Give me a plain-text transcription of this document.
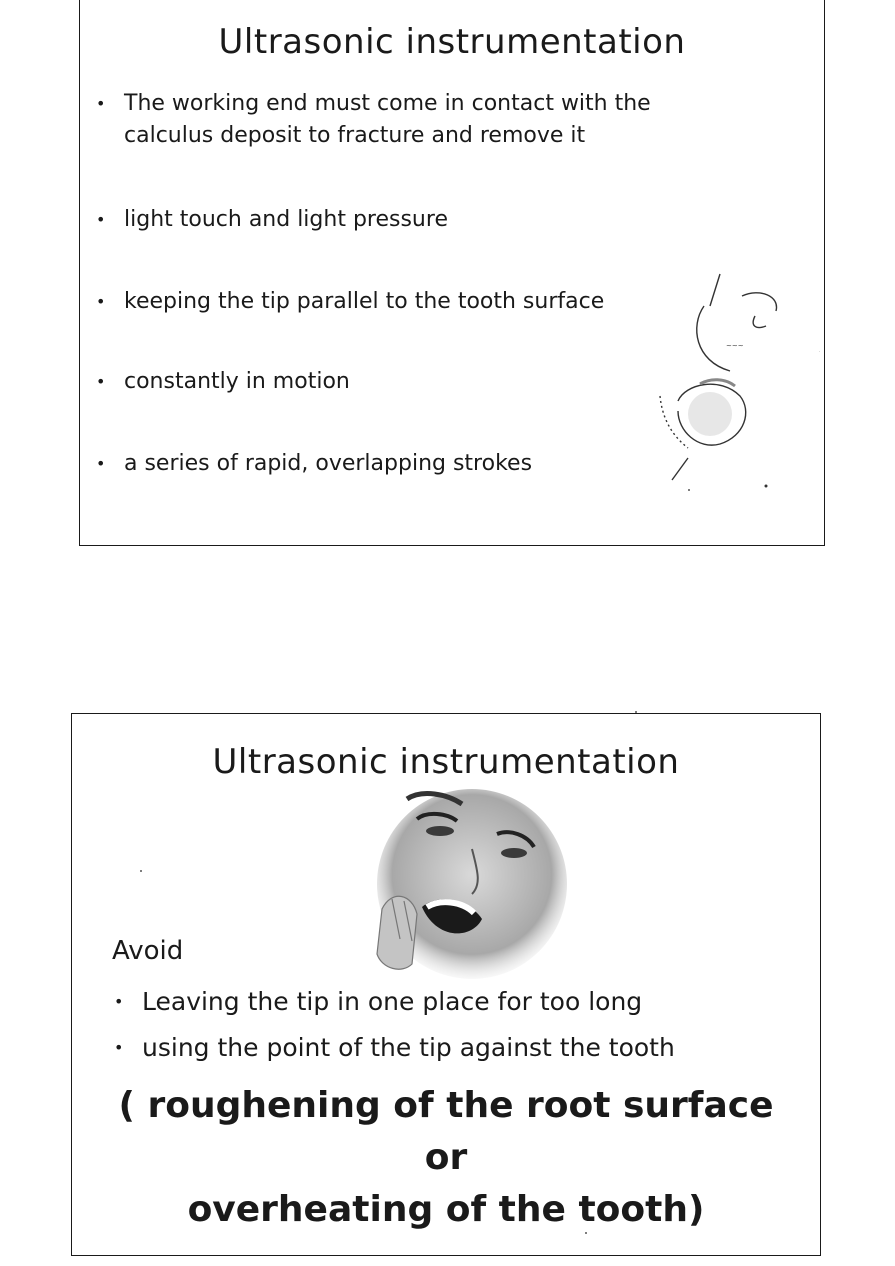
Ultrasonic instrumentation
• The working end must come in contact with the calculus deposit to fracture and remove it
• light touch and light pressure
• keeping the tip parallel to the tooth surface
• constantly in motion
• a series of rapid, overlapping strokes
~~~
Ultrasonic instrumentation
Avoid
• Leaving the tip in one place for too long
• using the point of the tip against the tooth
( roughening of the root surface or
overheating of the tooth)
